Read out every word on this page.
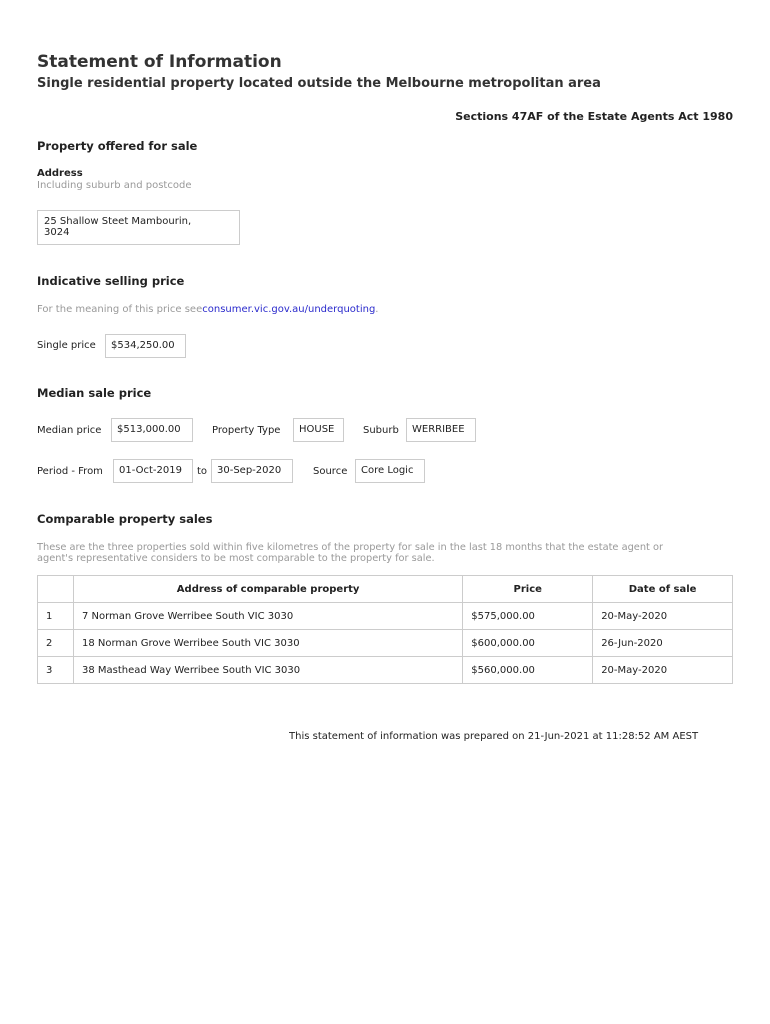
Statement of Information
Single residential property located outside the Melbourne metropolitan area
Sections 47AF of the Estate Agents Act 1980
Property offered for sale
Address
Including suburb and postcode
25 Shallow Steet Mambourin,
3024
Indicative selling price
For the meaning of this price seeconsumer.vic.gov.au/underquoting.
Single price	$534,250.00
Median sale price
Median price	$513,000.00	Property Type	HOUSE	Suburb	WERRIBEE
Period - From	01-Oct-2019	to 30-Sep-2020	Source	Core Logic
Comparable property sales

These are the three properties sold within five kilometres of the property for sale in the last 18 months that the estate agent or
agent's representative considers to be most comparable to the property for sale.

	Address of comparable property	Price	Date of sale
1	7 Norman Grove Werribee South VIC 3030	$575,000.00	20-May-2020
2	18 Norman Grove Werribee South VIC 3030	$600,000.00	26-Jun-2020
3	38 Masthead Way Werribee South VIC 3030	$560,000.00	20-May-2020
This statement of information was prepared on 21-Jun-2021 at 11:28:52 AM AEST
